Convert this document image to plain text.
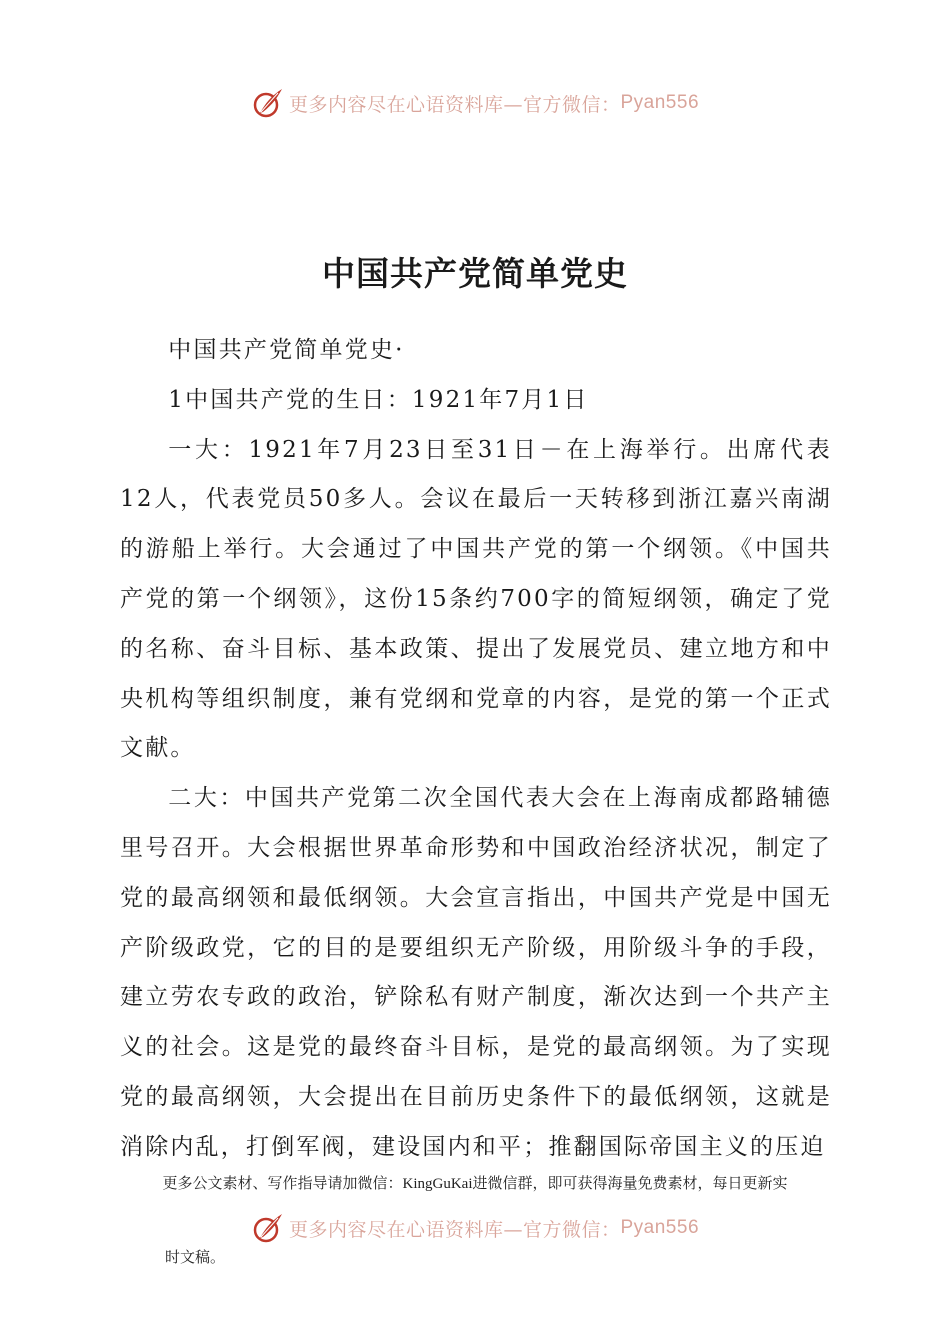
更多内容尽在心语资料库—官方微信： Pyan556
中国共产党简单党史

中国共产党简单党史·

1中国共产党的生日：1921年7月1日

一大：1921年7月23日至31日－在上海举行。出席代表12人，代表党员50多人。会议在最后一天转移到浙江嘉兴南湖的游船上举行。大会通过了中国共产党的第一个纲领。《中国共产党的第一个纲领》，这份15条约700字的简短纲领，确定了党的名称、奋斗目标、基本政策、提出了发展党员、建立地方和中央机构等组织制度，兼有党纲和党章的内容，是党的第一个正式文献。

二大：中国共产党第二次全国代表大会在上海南成都路辅德里号召开。大会根据世界革命形势和中国政治经济状况，制定了党的最高纲领和最低纲领。大会宣言指出，中国共产党是中国无产阶级政党，它的目的是要组织无产阶级，用阶级斗争的手段，建立劳农专政的政治，铲除私有财产制度，渐次达到一个共产主义的社会。这是党的最终奋斗目标，是党的最高纲领。为了实现党的最高纲领，大会提出在目前历史条件下的最低纲领，这就是消除内乱，打倒军阀，建设国内和平；推翻国际帝国主义的压迫

更多公文素材、写作指导请加微信：KingGuKai进微信群，即可获得海量免费素材，每日更新实
更多内容尽在心语资料库—官方微信： Pyan556
时文稿。
